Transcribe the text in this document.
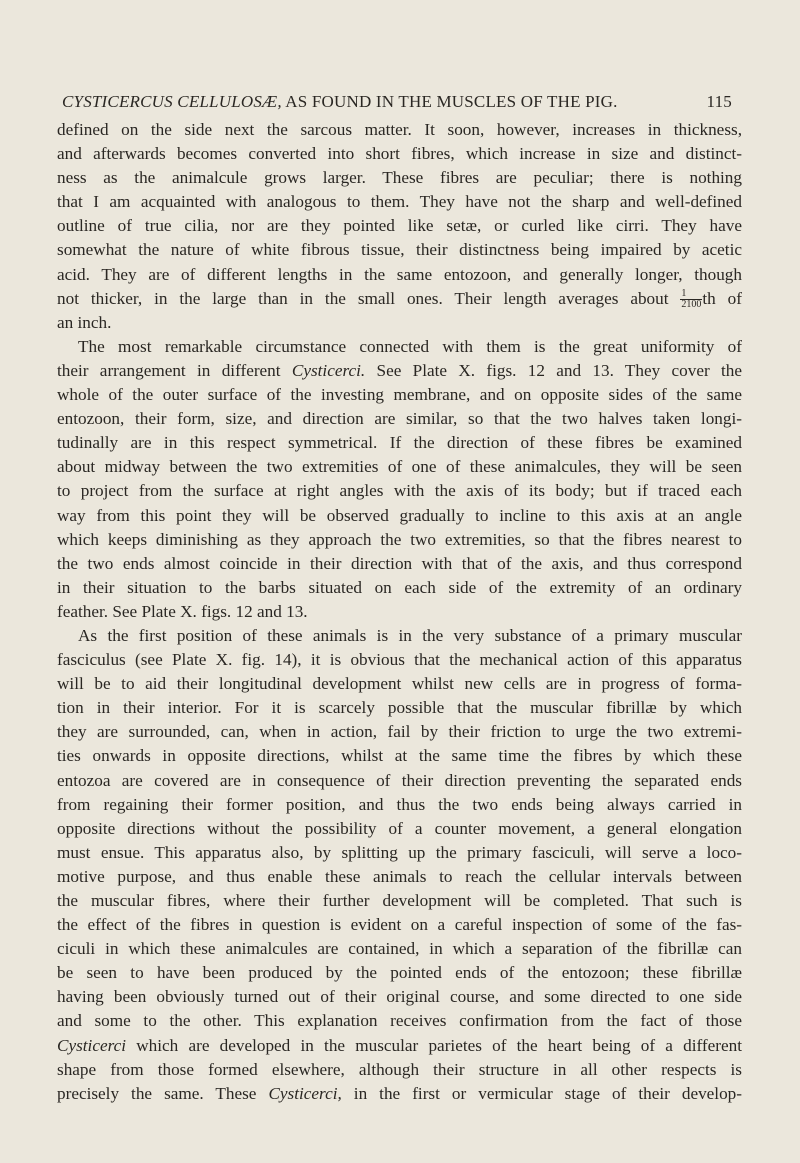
CYSTICERCUS CELLULOSÆ, AS FOUND IN THE MUSCLES OF THE PIG.	115
defined on the side next the sarcous matter. It soon, however, increases in thickness,
and afterwards becomes converted into short fibres, which increase in size and distinct-
ness as the animalcule grows larger. These fibres are peculiar; there is nothing
that I am acquainted with analogous to them. They have not the sharp and well-defined
outline of true cilia, nor are they pointed like setæ, or curled like cirri. They have
somewhat the nature of white fibrous tissue, their distinctness being impaired by acetic
acid. They are of different lengths in the same entozoon, and generally longer, though
not thicker, in the large than in the small ones. Their length averages about $\frac{1}{2100}$ th of
an inch.
The most remarkable circumstance connected with them is the great uniformity of
their arrangement in different Cysticerci. See Plate X. figs. 12 and 13. They cover the
whole of the outer surface of the investing membrane, and on opposite sides of the same
entozoon, their form, size, and direction are similar, so that the two halves taken longi-
tudinally are in this respect symmetrical. If the direction of these fibres be examined
about midway between the two extremities of one of these animalcules, they will be seen
to project from the surface at right angles with the axis of its body; but if traced each
way from this point they will be observed gradually to incline to this axis at an angle
which keeps diminishing as they approach the two extremities, so that the fibres nearest to
the two ends almost coincide in their direction with that of the axis, and thus correspond
in their situation to the barbs situated on each side of the extremity of an ordinary
feather. See Plate X. figs. 12 and 13.
As the first position of these animals is in the very substance of a primary muscular
fasciculus (see Plate X. fig. 14), it is obvious that the mechanical action of this apparatus
will be to aid their longitudinal development whilst new cells are in progress of forma-
tion in their interior. For it is scarcely possible that the muscular fibrillæ by which
they are surrounded, can, when in action, fail by their friction to urge the two extremi-
ties onwards in opposite directions, whilst at the same time the fibres by which these
entozoa are covered are in consequence of their direction preventing the separated ends
from regaining their former position, and thus the two ends being always carried in
opposite directions without the possibility of a counter movement, a general elongation
must ensue. This apparatus also, by splitting up the primary fasciculi, will serve a loco-
motive purpose, and thus enable these animals to reach the cellular intervals between
the muscular fibres, where their further development will be completed. That such is
the effect of the fibres in question is evident on a careful inspection of some of the fas-
ciculi in which these animalcules are contained, in which a separation of the fibrillæ can
be seen to have been produced by the pointed ends of the entozoon; these fibrillæ
having been obviously turned out of their original course, and some directed to one side
and some to the other. This explanation receives confirmation from the fact of those
Cysticerci which are developed in the muscular parietes of the heart being of a different
shape from those formed elsewhere, although their structure in all other respects is
precisely the same. These Cysticerci, in the first or vermicular stage of their develop-
